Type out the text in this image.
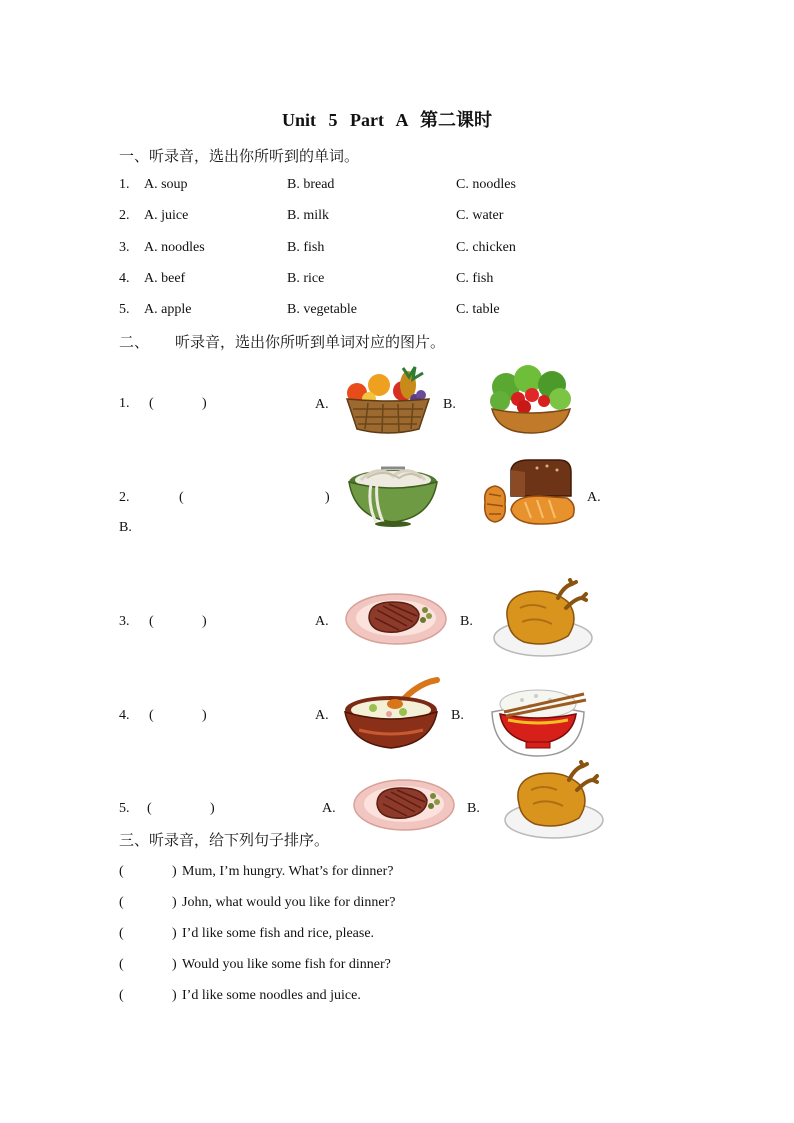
Unit 5 Part A 第二课时
一、听录音，选出你所听到的单词。
1. A. soup	B. bread	C. noodles
2. A. juice	B. milk	C. water
3. A. noodles	B. fish	C. chicken
4. A. beef	B. rice	C. fish
5. A. apple	B. vegetable	C. table
二、 听录音，选出你所听到单词对应的图片。
1. (	)	A.	B.
2.	(	)	A.
B.
3. (	)	A.	B.
4. (	)	A.	B.
5. (	)	A.	B.
三、听录音，给下列句子排序。
(	) Mum, I’m hungry. What’s for dinner?
(	) John, what would you like for dinner?
(	) I’d like some fish and rice, please.
(	) Would you like some fish for dinner?
(	) I’d like some noodles and juice.
